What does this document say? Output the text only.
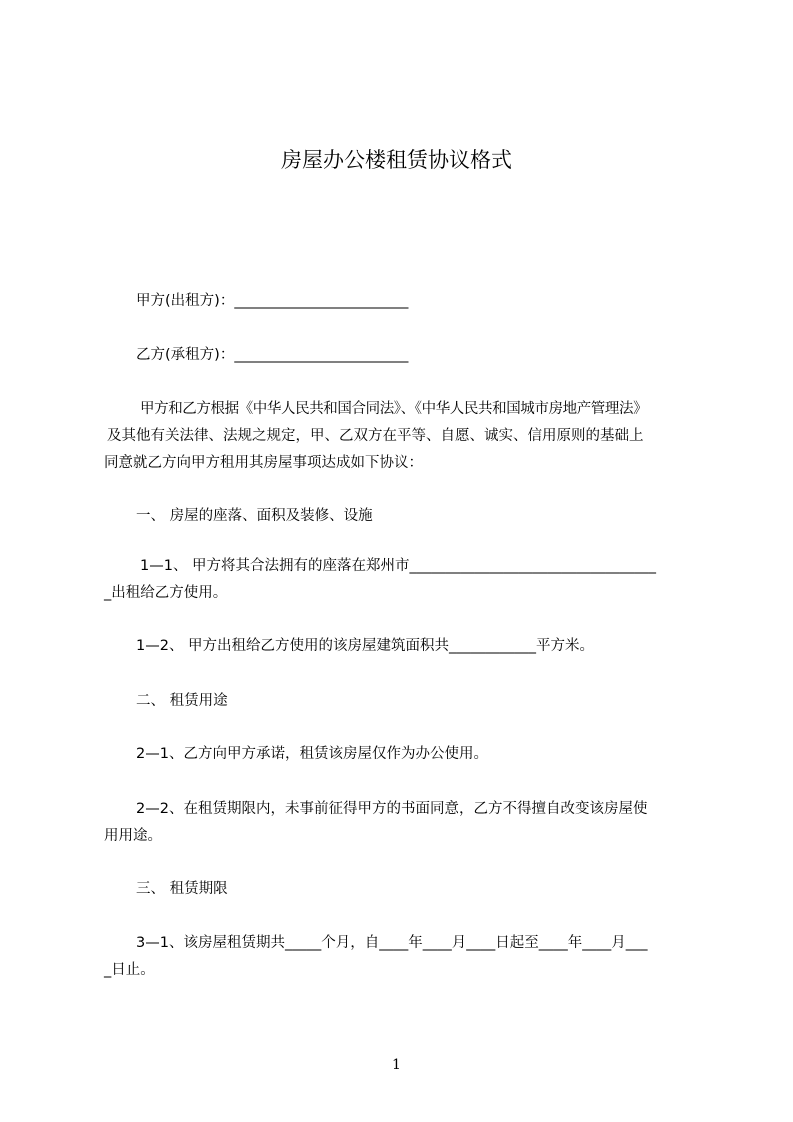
房屋办公楼租赁协议格式
甲方(出租方)：________________________
乙方(承租方)：________________________
甲方和乙方根据《中华人民共和国合同法》、《中华人民共和国城市房地产管理法》
及其他有关法律、法规之规定，甲、乙双方在平等、自愿、诚实、信用原则的基础上
同意就乙方向甲方租用其房屋事项达成如下协议：
一、 房屋的座落、面积及装修、设施
1—1、 甲方将其合法拥有的座落在郑州市__________________________________
_出租给乙方使用。
1—2、 甲方出租给乙方使用的该房屋建筑面积共____________平方米。
二、 租赁用途
2—1、乙方向甲方承诺，租赁该房屋仅作为办公使用。
2—2、在租赁期限内，未事前征得甲方的书面同意，乙方不得擅自改变该房屋使
用用途。
三、 租赁期限
3—1、该房屋租赁期共_____个月，自____年____月____日起至____年____月___
_日止。
1
